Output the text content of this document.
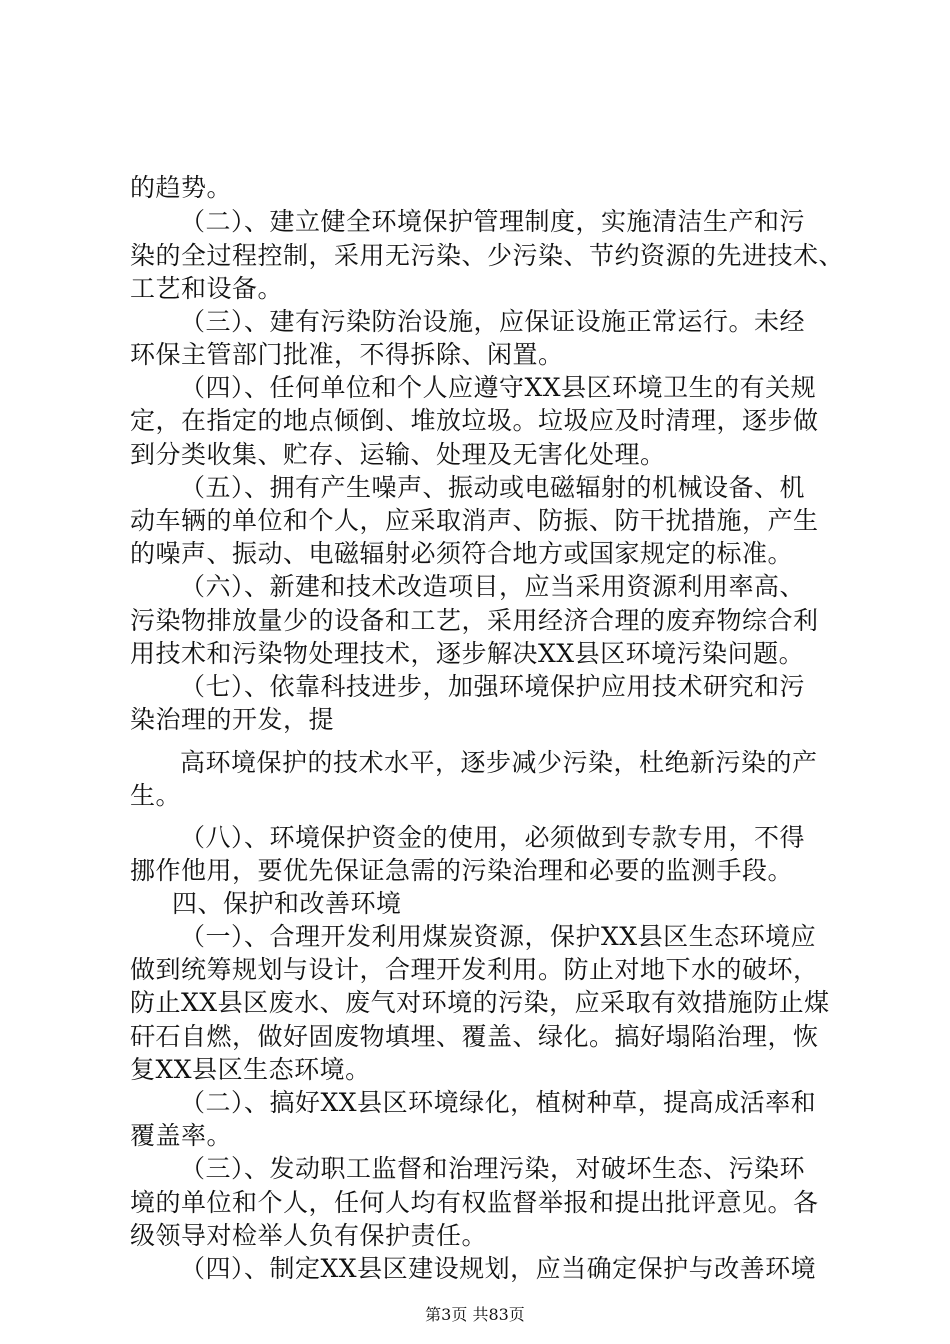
的趋势。
（二）、建立健全环境保护管理制度，实施清洁生产和污
染的全过程控制，采用无污染、少污染、节约资源的先进技术、
工艺和设备。
（三）、建有污染防治设施，应保证设施正常运行。未经
环保主管部门批准，不得拆除、闲置。
（四）、任何单位和个人应遵守XX县区环境卫生的有关规
定，在指定的地点倾倒、堆放垃圾。垃圾应及时清理，逐步做
到分类收集、贮存、运输、处理及无害化处理。
（五）、拥有产生噪声、振动或电磁辐射的机械设备、机
动车辆的单位和个人，应采取消声、防振、防干扰措施，产生
的噪声、振动、电磁辐射必须符合地方或国家规定的标准。
（六）、新建和技术改造项目，应当采用资源利用率高、
污染物排放量少的设备和工艺，采用经济合理的废弃物综合利
用技术和污染物处理技术，逐步解决XX县区环境污染问题。
（七）、依靠科技进步，加强环境保护应用技术研究和污
染治理的开发，提
高环境保护的技术水平，逐步减少污染，杜绝新污染的产
生。
（八）、环境保护资金的使用，必须做到专款专用，不得
挪作他用，要优先保证急需的污染治理和必要的监测手段。
四、保护和改善环境
（一）、合理开发利用煤炭资源，保护XX县区生态环境应
做到统筹规划与设计，合理开发利用。防止对地下水的破坏，
防止XX县区废水、废气对环境的污染，应采取有效措施防止煤
矸石自燃，做好固废物填埋、覆盖、绿化。搞好塌陷治理，恢
复XX县区生态环境。
（二）、搞好XX县区环境绿化，植树种草，提高成活率和
覆盖率。
（三）、发动职工监督和治理污染，对破坏生态、污染环
境的单位和个人，任何人均有权监督举报和提出批评意见。各
级领导对检举人负有保护责任。
（四）、制定XX县区建设规划，应当确定保护与改善环境
第3页 共83页
